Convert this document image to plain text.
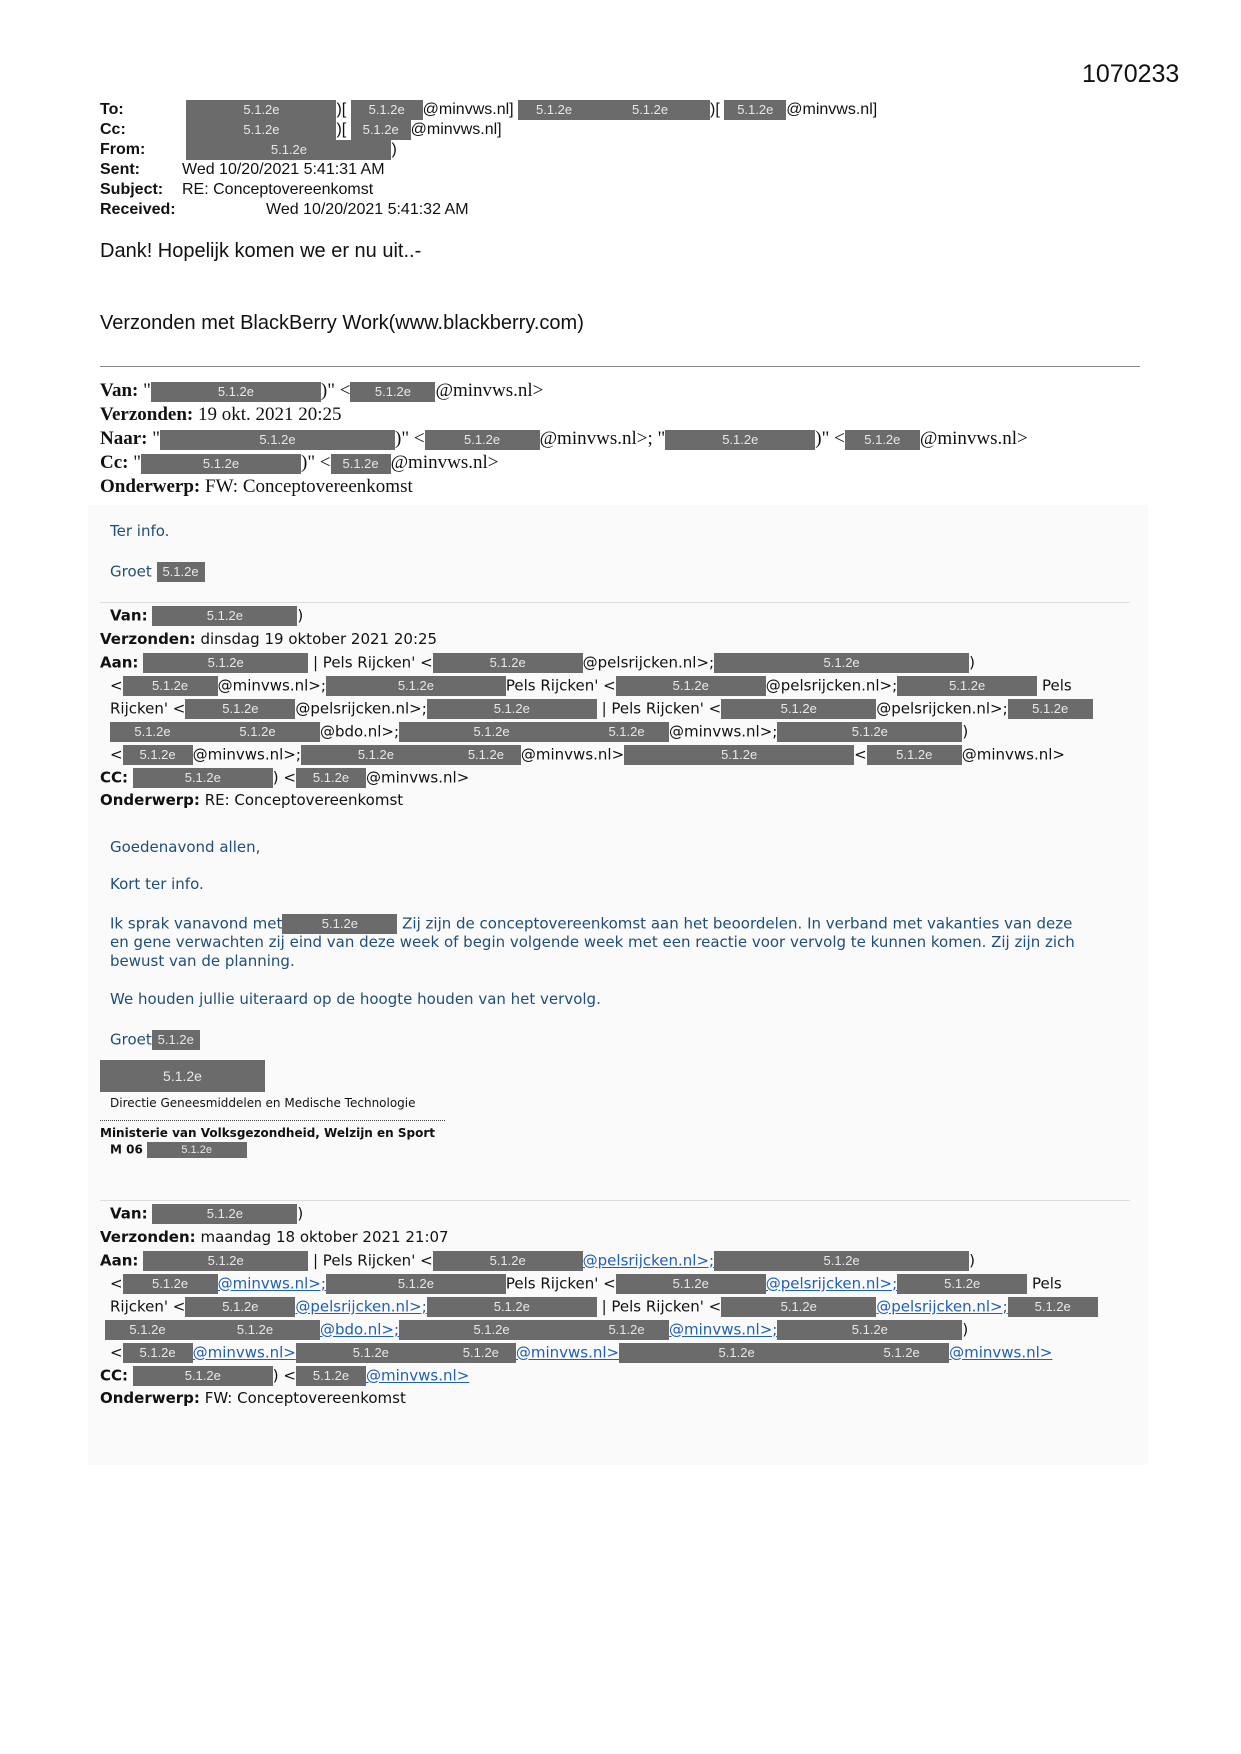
1070233
To:	5.1.2e	)[ 5.1.2e @minvws.nl] 5.1.2e	5.1.2e	)[ 5.1.2e @minvws.nl]
Cc:	5.1.2e	)[ 5.1.2e @minvws.nl]
From:	5.1.2e	)
Sent:	Wed 10/20/2021 5:41:31 AM
Subject: RE: Conceptovereenkomst
Received:	Wed 10/20/2021 5:41:32 AM
Dank! Hopelijk komen we er nu uit..-
Verzonden met BlackBerry Work(www.blackberry.com)
Van: "	5.1.2e	)" < 5.1.2e @minvws.nl>
Verzonden: 19 okt. 2021 20:25
Naar: "	5.1.2e	)" <	5.1.2e @minvws.nl>; "	5.1.2e	)" < 5.1.2e @minvws.nl>
Cc: "	5.1.2e	)" < 5.1.2e @minvws.nl>
Onderwerp: FW: Conceptovereenkomst
Ter info.
Groet 5.1.2e
Van:	5.1.2e	)
Verzonden: dinsdag 19 oktober 2021 20:25
Aan:	5.1.2e	| Pels Rijcken' <	5.1.2e	@pelsrijcken.nl>;	5.1.2e	)
< 5.1.2e @minvws.nl>;	5.1.2e	Pels Rijcken' <	5.1.2e	@pelsrijcken.nl>;	5.1.2e	Pels
Rijcken' <	5.1.2e @pelsrijcken.nl>;	5.1.2e	| Pels Rijcken' <	5.1.2e	@pelsrijcken.nl>; 5.1.2e
5.1.2e	5.1.2e	@bdo.nl>;	5.1.2e	5.1.2e @minvws.nl>;	5.1.2e	)
< 5.1.2e @minvws.nl>;	5.1.2e	5.1.2e @minvws.nl>	5.1.2e	< 5.1.2e @minvws.nl>
CC:	5.1.2e	) < 5.1.2e @minvws.nl>
Onderwerp: RE: Conceptovereenkomst
Goedenavond allen,
Kort ter info.
Ik sprak vanavond met	5.1.2e	Zij zijn de conceptovereenkomst aan het beoordelen. In verband met vakanties van deze
en gene verwachten zij eind van deze week of begin volgende week met een reactie voor vervolg te kunnen komen. Zij zijn zich
bewust van de planning.
We houden jullie uiteraard op de hoogte houden van het vervolg.
Groet 5.1.2e
5.1.2e
Directie Geneesmiddelen en Medische Technologie
Ministerie van Volksgezondheid, Welzijn en Sport
M 06	5.1.2e
Van:	5.1.2e	)
Verzonden: maandag 18 oktober 2021 21:07
Aan:	5.1.2e	| Pels Rijcken' <	5.1.2e	@pelsrijcken.nl>;	5.1.2e	)
< 5.1.2e @minvws.nl>;	5.1.2e	Pels Rijcken' <	5.1.2e	@pelsrijcken.nl>;	5.1.2e	Pels
Rijcken' <	5.1.2e @pelsrijcken.nl>;	5.1.2e	| Pels Rijcken' <	5.1.2e	@pelsrijcken.nl>; 5.1.2e
5.1.2e	5.1.2e	@bdo.nl>;	5.1.2e	5.1.2e @minvws.nl>;	5.1.2e	)
< 5.1.2e @minvws.nl>	5.1.2e	5.1.2e @minvws.nl>	5.1.2e	5.1.2e @minvws.nl>
CC:	5.1.2e	) < 5.1.2e @minvws.nl>
Onderwerp: FW: Conceptovereenkomst
